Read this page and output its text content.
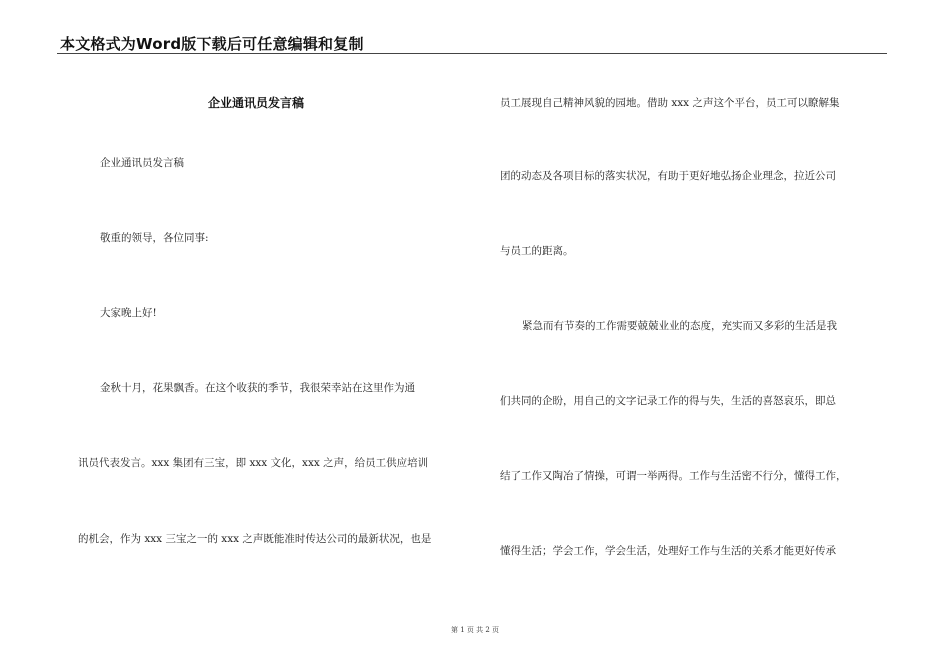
本文格式为Word版下载后可任意编辑和复制
企业通讯员发言稿
企业通讯员发言稿
敬重的领导，各位同事:
大家晚上好!
金秋十月，花果飘香。在这个收获的季节，我很荣幸站在这里作为通
讯员代表发言。xxx 集团有三宝，即 xxx 文化，xxx 之声，给员工供应培训
的机会，作为 xxx 三宝之一的 xxx 之声既能准时传达公司的最新状况，也是
员工展现自己精神风貌的园地。借助 xxx 之声这个平台，员工可以瞭解集
团的动态及各项目标的落实状况，有助于更好地弘扬企业理念，拉近公司
与员工的距离。
紧急而有节奏的工作需要兢兢业业的态度，充实而又多彩的生活是我
们共同的企盼，用自己的文字记录工作的得与失，生活的喜怒哀乐，即总
结了工作又陶冶了情操，可谓一举两得。工作与生活密不行分，懂得工作，
懂得生活；学会工作，学会生活，处理好工作与生活的关系才能更好传承
第 1 页 共 2 页
